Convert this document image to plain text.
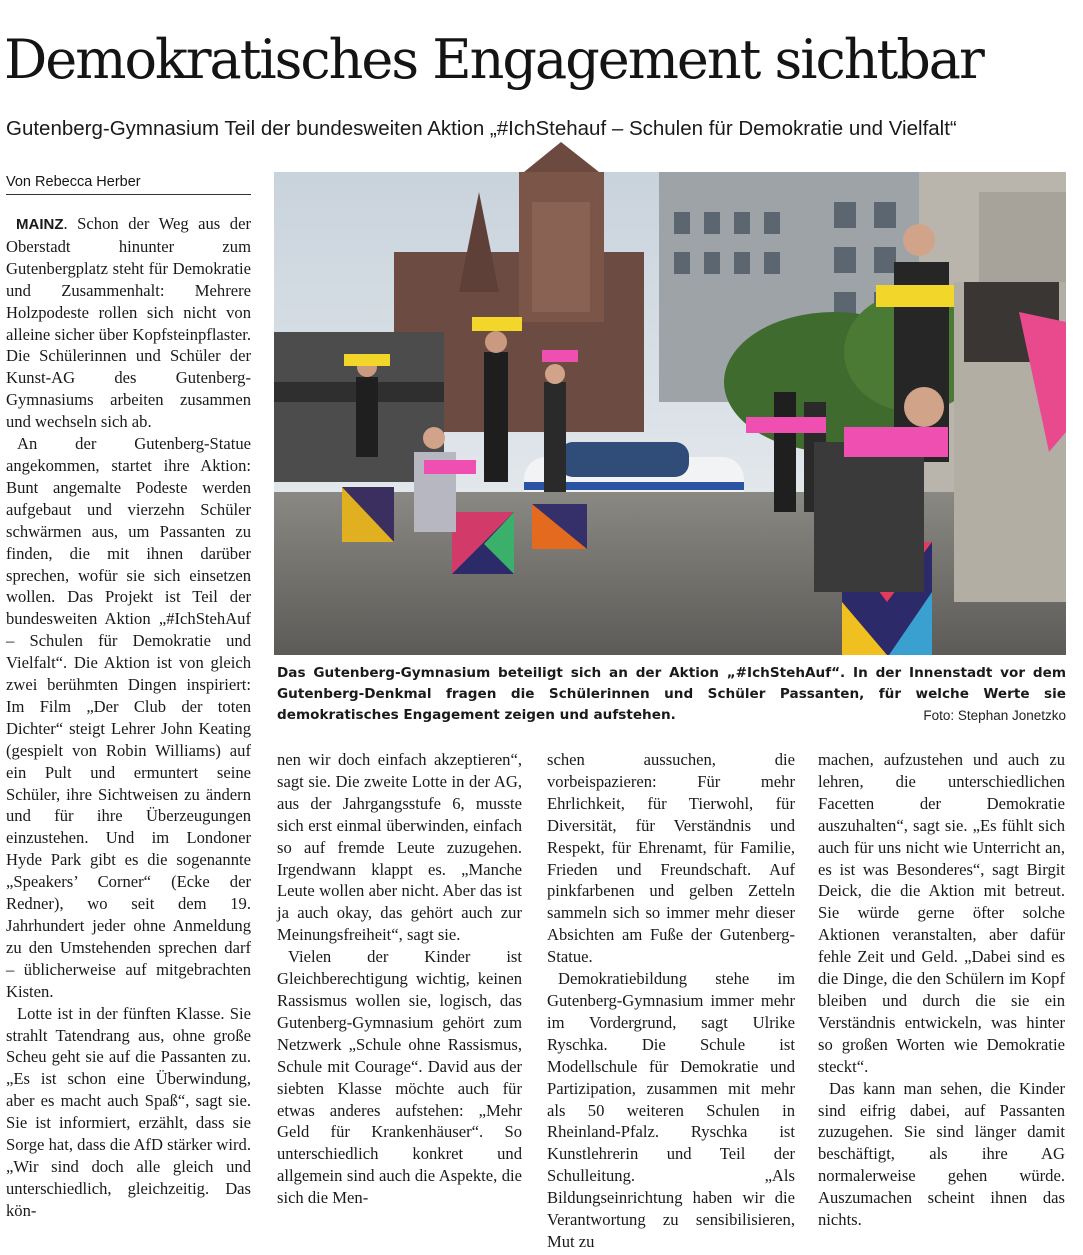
Demokratisches Engagement sichtbar
Gutenberg-Gymnasium Teil der bundesweiten Aktion „#IchStehauf – Schulen für Demokratie und Vielfalt“
Von Rebecca Herber

MAINZ. Schon der Weg aus der Oberstadt hinunter zum Gutenbergplatz steht für Demokratie und Zusammenhalt: Mehrere Holzpodeste rollen sich nicht von alleine sicher über Kopfsteinpflaster. Die Schülerinnen und Schüler der Kunst-AG des Gutenberg-Gymnasiums arbeiten zusammen und wechseln sich ab.

An der Gutenberg-Statue angekommen, startet ihre Aktion: Bunt angemalte Podeste werden aufgebaut und vierzehn Schüler schwärmen aus, um Passanten zu finden, die mit ihnen darüber sprechen, wofür sie sich einsetzen wollen. Das Projekt ist Teil der bundesweiten Aktion „#IchStehAuf – Schulen für Demokratie und Vielfalt“. Die Aktion ist von gleich zwei berühmten Dingen inspiriert: Im Film „Der Club der toten Dichter“ steigt Lehrer John Keating (gespielt von Robin Williams) auf ein Pult und ermuntert seine Schüler, ihre Sichtweisen zu ändern und für ihre Überzeugungen einzustehen. Und im Londoner Hyde Park gibt es die sogenannte „Speakers’ Corner“ (Ecke der Redner), wo seit dem 19. Jahrhundert jeder ohne Anmeldung zu den Umstehenden sprechen darf – üblicherweise auf mitgebrachten Kisten.

Lotte ist in der fünften Klasse. Sie strahlt Tatendrang aus, ohne große Scheu geht sie auf die Passanten zu. „Es ist schon eine Überwindung, aber es macht auch Spaß“, sagt sie. Sie ist informiert, erzählt, dass sie Sorge hat, dass die AfD stärker wird. „Wir sind doch alle gleich und unterschiedlich, gleichzeitig. Das kön-

Das Gutenberg-Gymnasium beteiligt sich an der Aktion „#IchStehAuf“. In der Innenstadt vor dem Gutenberg-Denkmal fragen die Schülerinnen und Schüler Passanten, für welche Werte sie demokratisches Engagement zeigen und aufstehen.	Foto: Stephan Jonetzko

nen wir doch einfach akzeptieren“, sagt sie. Die zweite Lotte in der AG, aus der Jahrgangsstufe 6, musste sich erst einmal überwinden, einfach so auf fremde Leute zuzugehen. Irgendwann klappt es. „Manche Leute wollen aber nicht. Aber das ist ja auch okay, das gehört auch zur Meinungsfreiheit“, sagt sie.

Vielen der Kinder ist Gleichberechtigung wichtig, keinen Rassismus wollen sie, logisch, das Gutenberg-Gymnasium gehört zum Netzwerk „Schule ohne Rassismus, Schule mit Courage“. David aus der siebten Klasse möchte auch für etwas anderes aufstehen: „Mehr Geld für Krankenhäuser“. So unterschiedlich konkret und allgemein sind auch die Aspekte, die sich die Men-

schen aussuchen, die vorbeispazieren: Für mehr Ehrlichkeit, für Tierwohl, für Diversität, für Verständnis und Respekt, für Ehrenamt, für Familie, Frieden und Freundschaft. Auf pinkfarbenen und gelben Zetteln sammeln sich so immer mehr dieser Absichten am Fuße der Gutenberg-Statue.

Demokratiebildung stehe im Gutenberg-Gymnasium immer mehr im Vordergrund, sagt Ulrike Ryschka. Die Schule ist Modellschule für Demokratie und Partizipation, zusammen mit mehr als 50 weiteren Schulen in Rheinland-Pfalz. Ryschka ist Kunstlehrerin und Teil der Schulleitung. „Als Bildungseinrichtung haben wir die Verantwortung zu sensibilisieren, Mut zu

machen, aufzustehen und auch zu lehren, die unterschiedlichen Facetten der Demokratie auszuhalten“, sagt sie. „Es fühlt sich auch für uns nicht wie Unterricht an, es ist was Besonderes“, sagt Birgit Deick, die die Aktion mit betreut. Sie würde gerne öfter solche Aktionen veranstalten, aber dafür fehle Zeit und Geld. „Dabei sind es die Dinge, die den Schülern im Kopf bleiben und durch die sie ein Verständnis entwickeln, was hinter so großen Worten wie Demokratie steckt“.

Das kann man sehen, die Kinder sind eifrig dabei, auf Passanten zuzugehen. Sie sind länger damit beschäftigt, als ihre AG normalerweise gehen würde. Auszumachen scheint ihnen das nichts.
